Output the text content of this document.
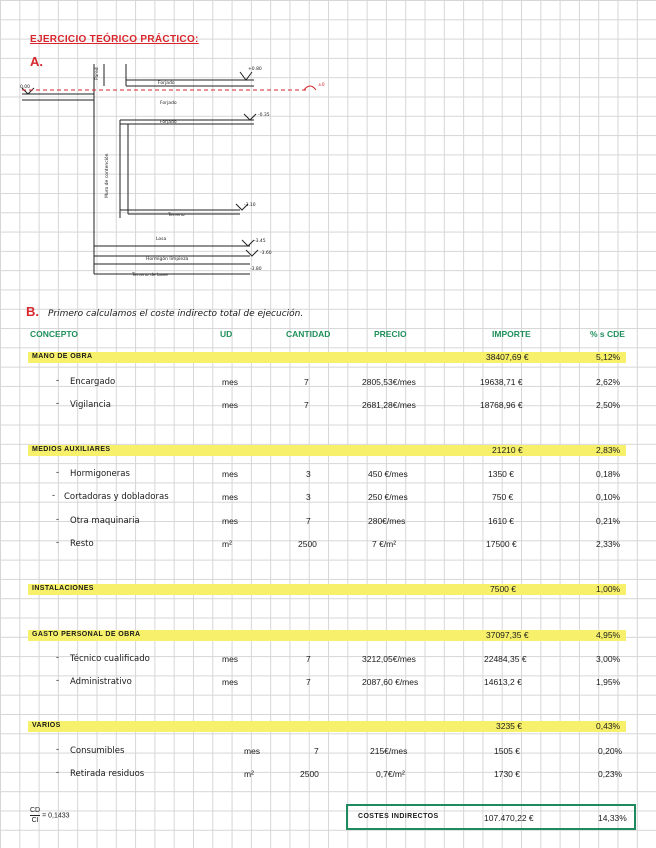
EJERCICIO TEÓRICO PRÁCTICO:
A.
Pared
Forjado
Forjado
Forjado
Muro de contención
Terreno
Losa
Hormigón limpieza
Terreno de base
+0.80
±0
0.00
-0.35
-3.10
-3.45
-3.60
-3.80
B. Primero calculamos el coste indirecto total de ejecución.
CONCEPTO	UD	CANTIDAD	PRECIO	IMPORTE	% s CDE
MANO DE OBRA	38407,69 €	5,12%
- Encargado	mes	7	2805,53€/mes	19638,71 €	2,62%
- Vigilancia	mes	7	2681,28€/mes	18768,96 €	2,50%
MEDIOS AUXILIARES	21210 €	2,83%
- Hormigoneras	mes	3	450 €/mes	1350 €	0,18%
- Cortadoras y dobladoras	mes	3	250 €/mes	750 €	0,10%
- Otra maquinaria	mes	7	280€/mes	1610 €	0,21%
- Resto	m²	2500	7 €/m²	17500 €	2,33%
INSTALACIONES	7500 €	1,00%
GASTO PERSONAL DE OBRA	37097,35 €	4,95%
- Técnico cualificado	mes	7	3212,05€/mes	22484,35 €	3,00%
- Administrativo	mes	7	2087,60 €/mes	14613,2 €	1,95%
VARIOS	3235 €	0,43%
- Consumibles	mes	7	215€/mes	1505 €	0,20%
- Retirada residuos	m²	2500	0,7€/m²	1730 €	0,23%
$\frac{CD}{CI} = 0,1433$	COSTES INDIRECTOS	107.470,22 €	14,33%
